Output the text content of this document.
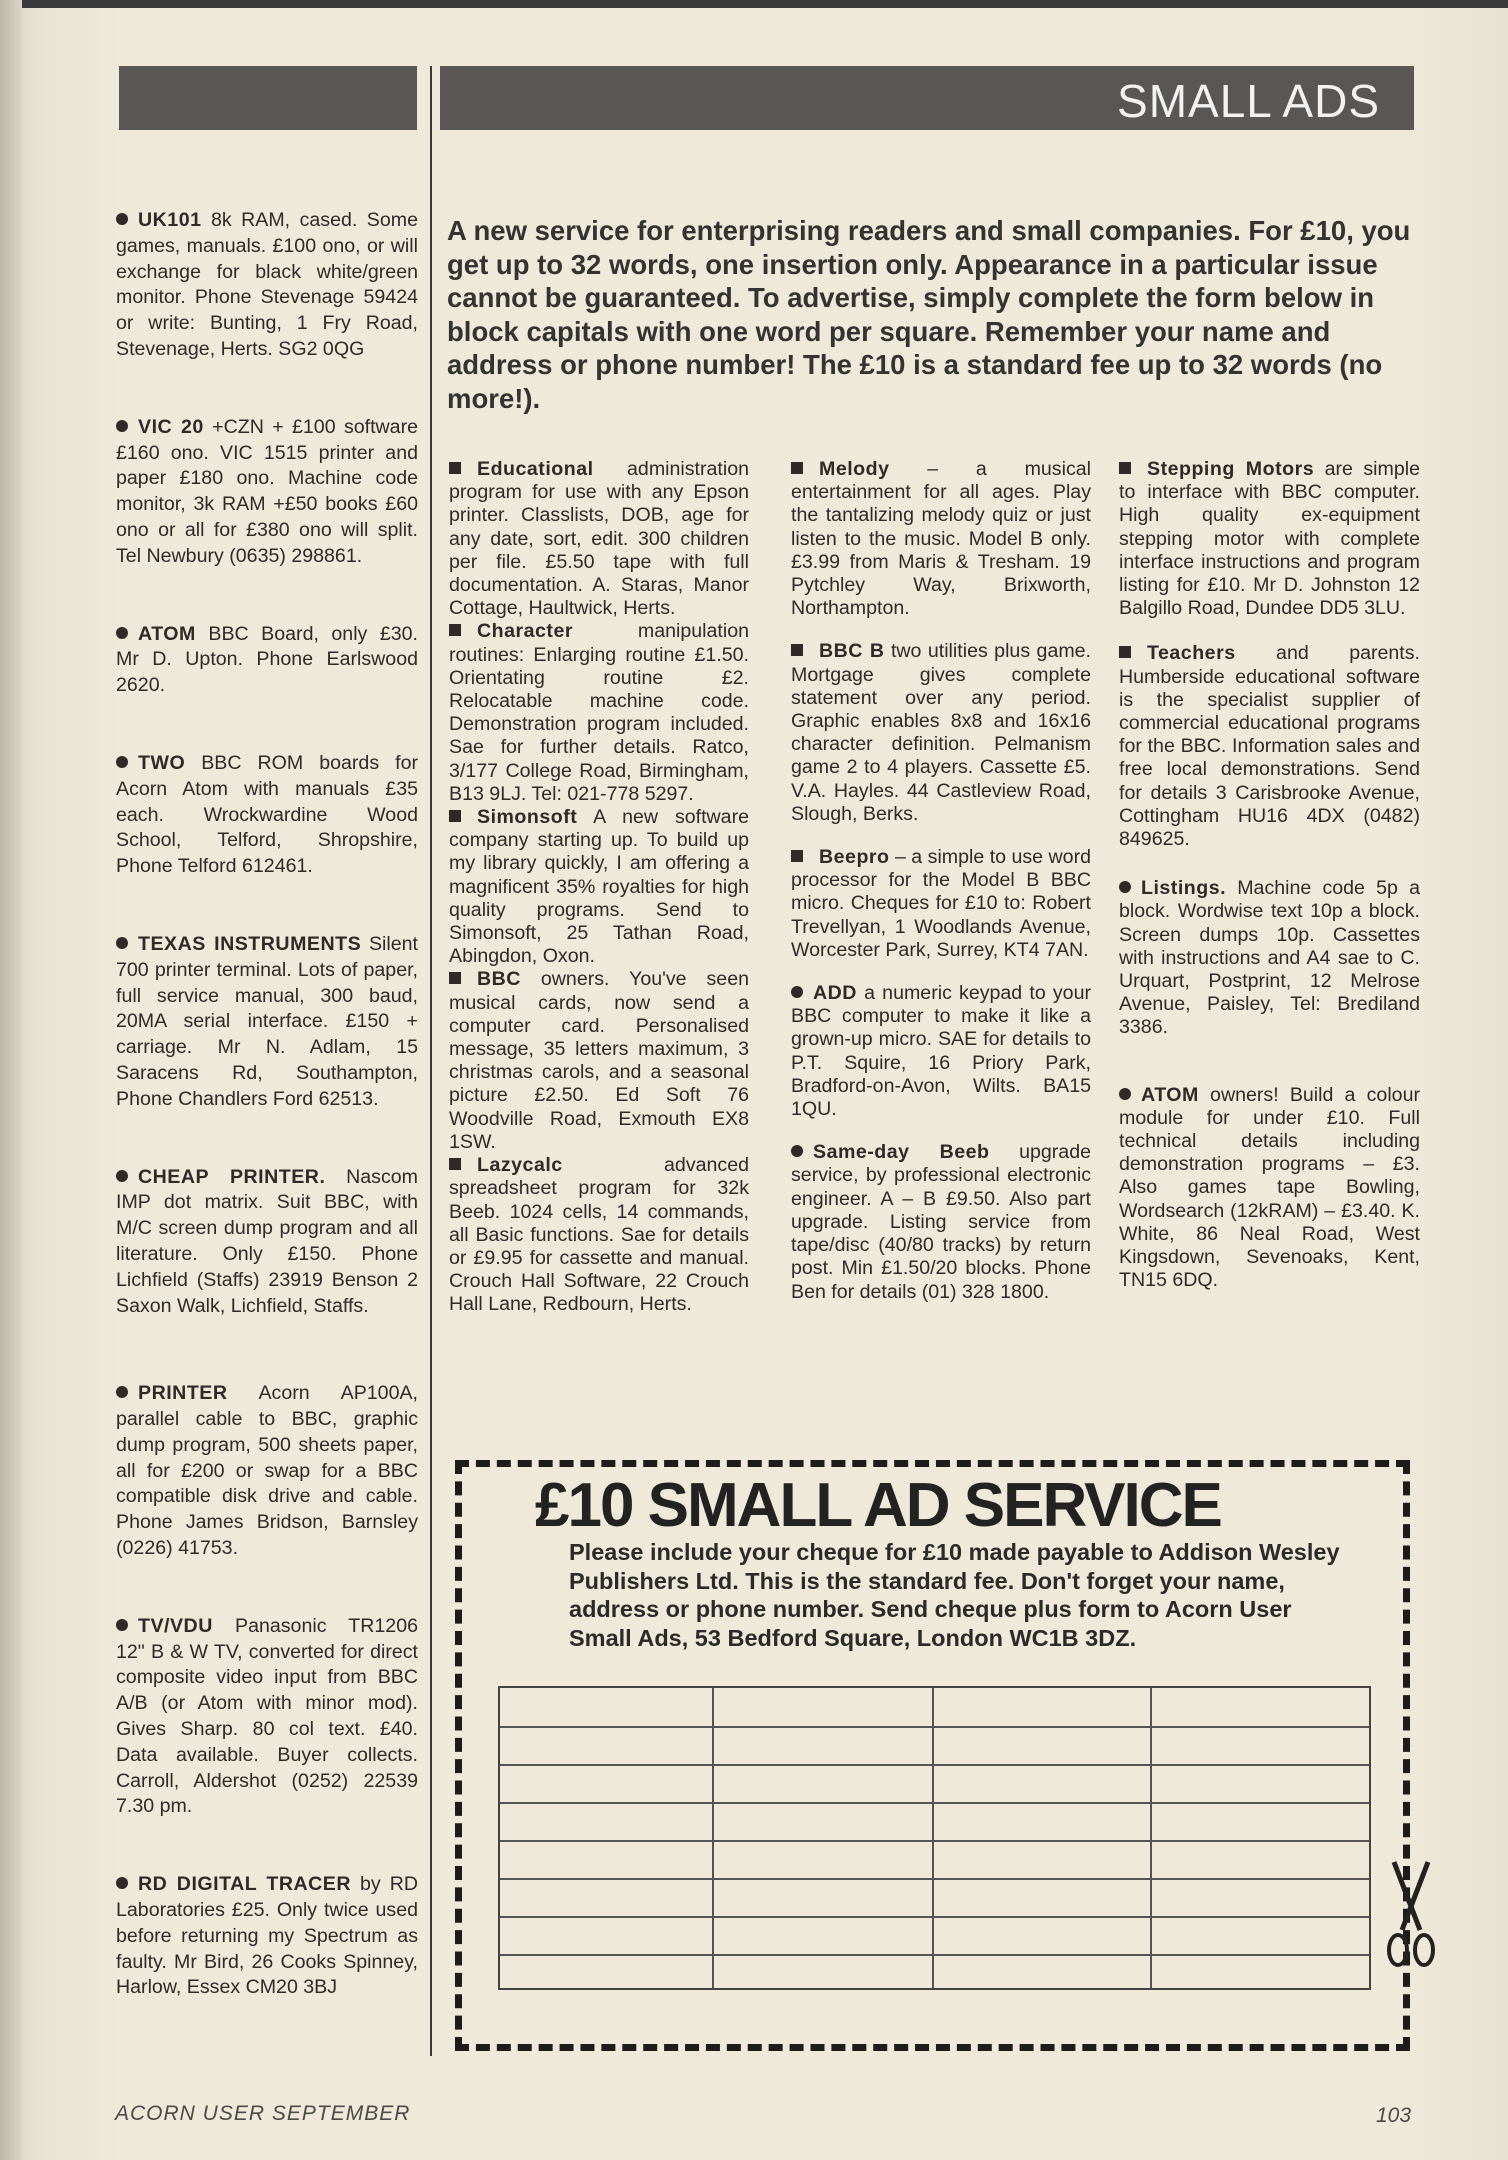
SMALL ADS

UK101 8k RAM, cased. Some games, manuals. £100 ono, or will exchange for black white/green monitor. Phone Stevenage 59424 or write: Bunting, 1 Fry Road, Stevenage, Herts. SG2 0QG

VIC 20 +CZN + £100 software £160 ono. VIC 1515 printer and paper £180 ono. Machine code monitor, 3k RAM +£50 books £60 ono or all for £380 ono will split. Tel Newbury (0635) 298861.

ATOM BBC Board, only £30. Mr D. Upton. Phone Earlswood 2620.

TWO BBC ROM boards for Acorn Atom with manuals £35 each. Wrockwardine Wood School, Telford, Shropshire, Phone Telford 612461.

TEXAS INSTRUMENTS Silent 700 printer terminal. Lots of paper, full service manual, 300 baud, 20MA serial interface. £150 + carriage. Mr N. Adlam, 15 Saracens Rd, Southampton, Phone Chandlers Ford 62513.

CHEAP PRINTER. Nascom IMP dot matrix. Suit BBC, with M/C screen dump program and all literature. Only £150. Phone Lichfield (Staffs) 23919 Benson 2 Saxon Walk, Lichfield, Staffs.

PRINTER Acorn AP100A, parallel cable to BBC, graphic dump program, 500 sheets paper, all for £200 or swap for a BBC compatible disk drive and cable. Phone James Bridson, Barnsley (0226) 41753.

TV/VDU Panasonic TR1206 12" B & W TV, converted for direct composite video input from BBC A/B (or Atom with minor mod). Gives Sharp. 80 col text. £40. Data available. Buyer collects. Carroll, Aldershot (0252) 22539 7.30 pm.

RD DIGITAL TRACER by RD Laboratories £25. Only twice used before returning my Spectrum as faulty. Mr Bird, 26 Cooks Spinney, Harlow, Essex CM20 3BJ

A new service for enterprising readers and small companies. For £10, you get up to 32 words, one insertion only. Appearance in a particular issue cannot be guaranteed. To advertise, simply complete the form below in block capitals with one word per square. Remember your name and address or phone number! The £10 is a standard fee up to 32 words (no more!).

Educational administration program for use with any Epson printer. Classlists, DOB, age for any date, sort, edit. 300 children per file. £5.50 tape with full documentation. A. Staras, Manor Cottage, Haultwick, Herts.

Character manipulation routines: Enlarging routine £1.50. Orientating routine £2. Relocatable machine code. Demonstration program included. Sae for further details. Ratco, 3/177 College Road, Birmingham, B13 9LJ. Tel: 021-778 5297.

Simonsoft A new software company starting up. To build up my library quickly, I am offering a magnificent 35% royalties for high quality programs. Send to Simonsoft, 25 Tathan Road, Abingdon, Oxon.

BBC owners. You've seen musical cards, now send a computer card. Personalised message, 35 letters maximum, 3 christmas carols, and a seasonal picture £2.50. Ed Soft 76 Woodville Road, Exmouth EX8 1SW.

Lazycalc advanced spreadsheet program for 32k Beeb. 1024 cells, 14 commands, all Basic functions. Sae for details or £9.95 for cassette and manual. Crouch Hall Software, 22 Crouch Hall Lane, Redbourn, Herts.

Melody – a musical entertainment for all ages. Play the tantalizing melody quiz or just listen to the music. Model B only. £3.99 from Maris & Tresham. 19 Pytchley Way, Brixworth, Northampton.

BBC B two utilities plus game. Mortgage gives complete statement over any period. Graphic enables 8x8 and 16x16 character definition. Pelmanism game 2 to 4 players. Cassette £5. V.A. Hayles. 44 Castleview Road, Slough, Berks.

Beepro – a simple to use word processor for the Model B BBC micro. Cheques for £10 to: Robert Trevellyan, 1 Woodlands Avenue, Worcester Park, Surrey, KT4 7AN.

ADD a numeric keypad to your BBC computer to make it like a grown-up micro. SAE for details to P.T. Squire, 16 Priory Park, Bradford-on-Avon, Wilts. BA15 1QU.

Same-day Beeb upgrade service, by professional electronic engineer. A – B £9.50. Also part upgrade. Listing service from tape/disc (40/80 tracks) by return post. Min £1.50/20 blocks. Phone Ben for details (01) 328 1800.

Stepping Motors are simple to interface with BBC computer. High quality ex-equipment stepping motor with complete interface instructions and program listing for £10. Mr D. Johnston 12 Balgillo Road, Dundee DD5 3LU.

Teachers and parents. Humberside educational software is the specialist supplier of commercial educational programs for the BBC. Information sales and free local demonstrations. Send for details 3 Carisbrooke Avenue, Cottingham HU16 4DX (0482) 849625.

Listings. Machine code 5p a block. Wordwise text 10p a block. Screen dumps 10p. Cassettes with instructions and A4 sae to C. Urquart, Postprint, 12 Melrose Avenue, Paisley, Tel: Brediland 3386.

ATOM owners! Build a colour module for under £10. Full technical details including demonstration programs – £3. Also games tape Bowling, Wordsearch (12kRAM) – £3.40. K. White, 86 Neal Road, West Kingsdown, Sevenoaks, Kent, TN15 6DQ.

£10 SMALL AD SERVICE
Please include your cheque for £10 made payable to Addison Wesley Publishers Ltd. This is the standard fee. Don't forget your name, address or phone number. Send cheque plus form to Acorn User Small Ads, 53 Bedford Square, London WC1B 3DZ.
ACORN USER SEPTEMBER	103
